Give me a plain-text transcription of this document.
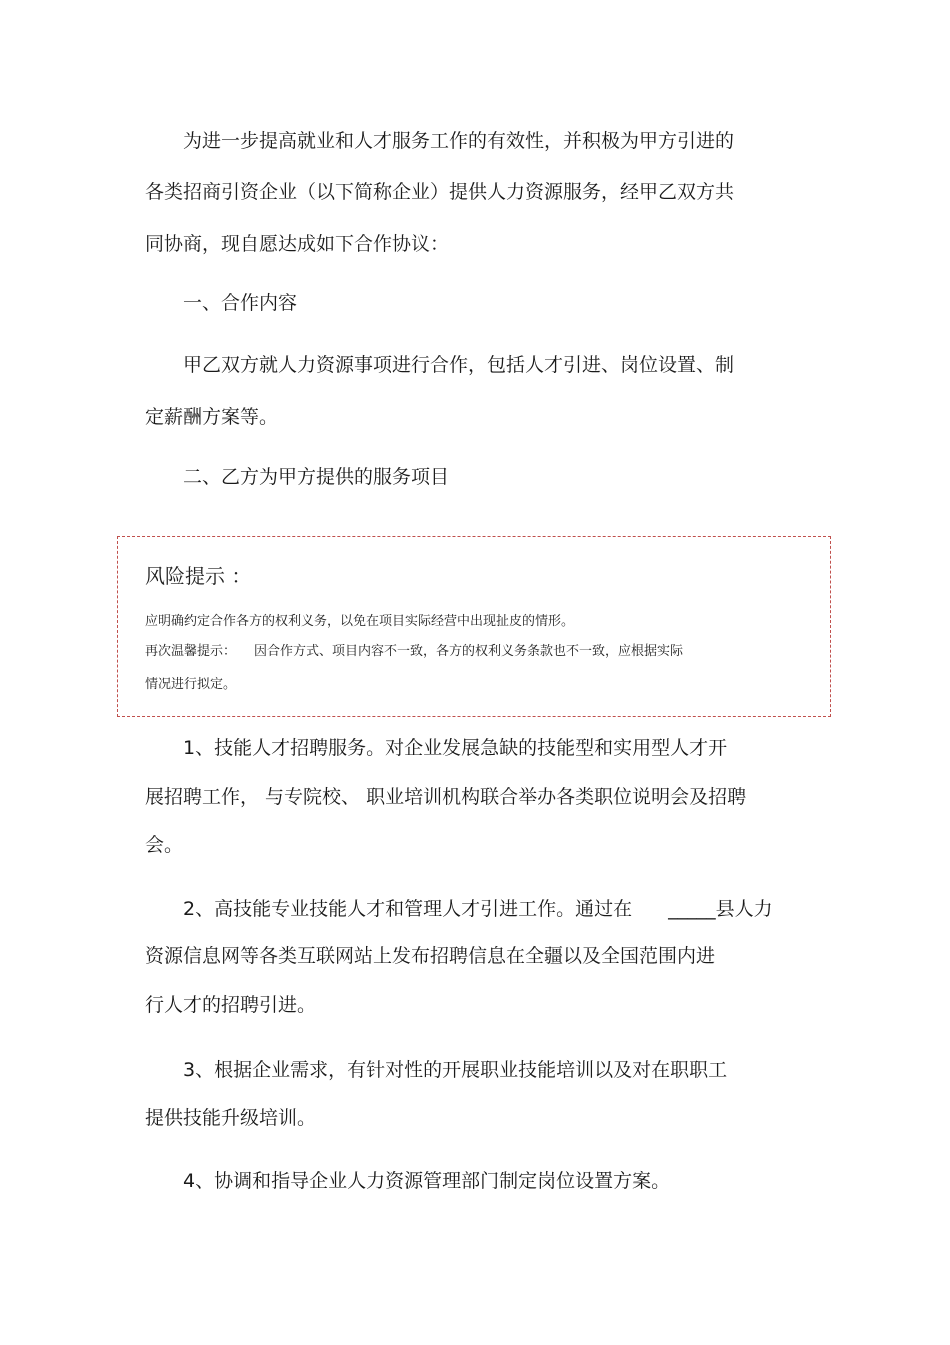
为进一步提高就业和人才服务工作的有效性，并积极为甲方引进的

各类招商引资企业（以下简称企业）提供人力资源服务，经甲乙双方共

同协商，现自愿达成如下合作协议：

一、合作内容

甲乙双方就人力资源事项进行合作，包括人才引进、岗位设置、制

定薪酬方案等。

二、乙方为甲方提供的服务项目

风险提示 ：

应明确约定合作各方的权利义务，以免在项目实际经营中出现扯皮的情形。

再次温馨提示： 因合作方式、项目内容不一致，各方的权利义务条款也不一致，应根据实际

情况进行拟定。

1、技能人才招聘服务。对企业发展急缺的技能型和实用型人才开

展招聘工作， 与专院校、 职业培训机构联合举办各类职位说明会及招聘

会。

2、高技能专业技能人才和管理人才引进工作。通过在 _____县人力

资源信息网等各类互联网站上发布招聘信息在全疆以及全国范围内进

行人才的招聘引进。

3、根据企业需求，有针对性的开展职业技能培训以及对在职职工

提供技能升级培训。

4、协调和指导企业人力资源管理部门制定岗位设置方案。
